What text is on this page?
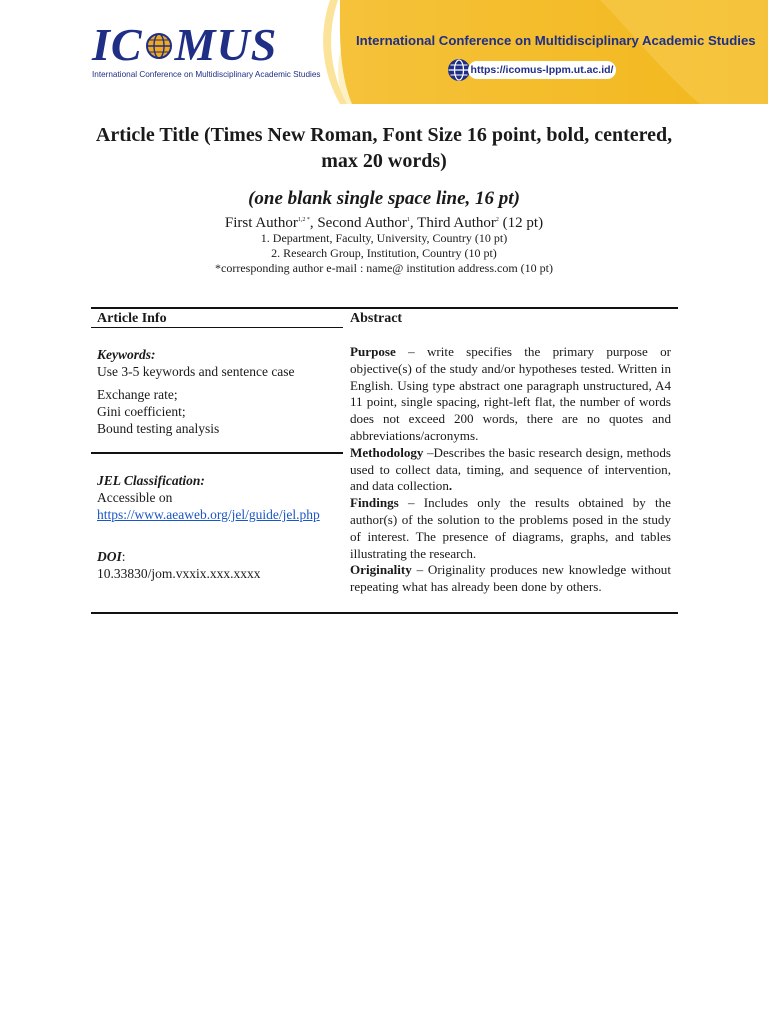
IC MUS
International Conference on Multidisciplinary Academic Studies
International Conference on Multidisciplinary Academic Studies
https://icomus-lppm.ut.ac.id/
Article Title (Times New Roman, Font Size 16 point, bold, centered,
max 20 words)
(one blank single space line, 16 pt)
First Author$^{1,2 *}$, Second Author$^1$, Third Author$^2$ (12 pt)
1. Department, Faculty, University, Country (10 pt)
2. Research Group, Institution, Country (10 pt)
*corresponding author e-mail : name@ institution address.com (10 pt)
Article Info	Abstract
Keywords:
Use 3-5 keywords and sentence case
Exchange rate;
Gini coefficient;
Bound testing analysis
JEL Classification:
Accessible on
https://www.aeaweb.org/jel/guide/jel.php
DOI:
10.33830/jom.vxxix.xxx.xxxx

Purpose – write specifies the primary purpose or objective(s) of the study and/or hypotheses tested. Written in English. Using type abstract one paragraph unstructured, A4 11 point, single spacing, right-left flat, the number of words does not exceed 200 words, there are no quotes and abbreviations/acronyms.

Methodology –Describes the basic research design, methods used to collect data, timing, and sequence of intervention, and data collection.

Findings – Includes only the results obtained by the author(s) of the solution to the problems posed in the study of interest. The presence of diagrams, graphs, and tables illustrating the research.

Originality – Originality produces new knowledge without repeating what has already been done by others.
